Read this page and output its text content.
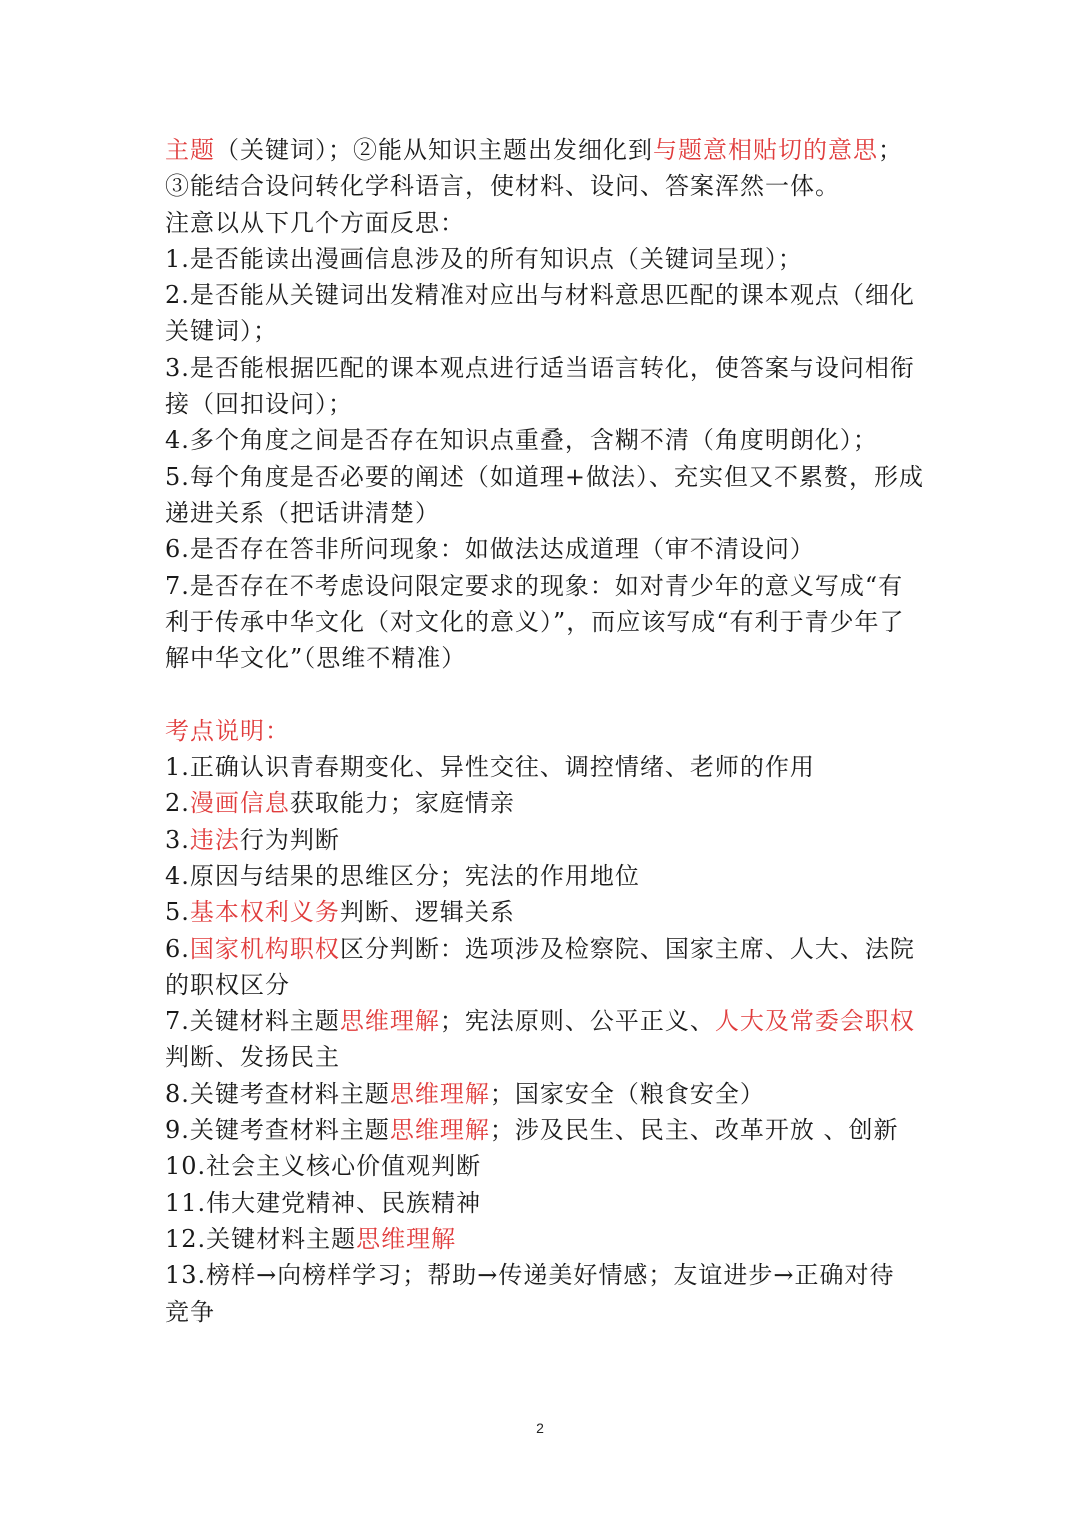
主题（关键词）；②能从知识主题出发细化到与题意相贴切的意思；
③能结合设问转化学科语言，使材料、设问、答案浑然一体。
注意以从下几个方面反思：
1.是否能读出漫画信息涉及的所有知识点（关键词呈现）；
2.是否能从关键词出发精准对应出与材料意思匹配的课本观点（细化
关键词）；
3.是否能根据匹配的课本观点进行适当语言转化，使答案与设问相衔
接（回扣设问）；
4.多个角度之间是否存在知识点重叠，含糊不清（角度明朗化）；
5.每个角度是否必要的阐述（如道理+做法）、充实但又不累赘，形成
递进关系（把话讲清楚）
6.是否存在答非所问现象：如做法达成道理（审不清设问）
7.是否存在不考虑设问限定要求的现象：如对青少年的意义写成“有
利于传承中华文化（对文化的意义）”，而应该写成“有利于青少年了
解中华文化”（思维不精准）
考点说明：
1.正确认识青春期变化、异性交往、调控情绪、老师的作用
2.漫画信息获取能力；家庭情亲
3.违法行为判断
4.原因与结果的思维区分；宪法的作用地位
5.基本权利义务判断、逻辑关系
6.国家机构职权区分判断：选项涉及检察院、国家主席、人大、法院
的职权区分
7.关键材料主题思维理解；宪法原则、公平正义、人大及常委会职权
判断、发扬民主
8.关键考查材料主题思维理解；国家安全（粮食安全）
9.关键考查材料主题思维理解；涉及民生、民主、改革开放 、创新
10.社会主义核心价值观判断
11.伟大建党精神、民族精神
12.关键材料主题思维理解
13.榜样→向榜样学习；帮助→传递美好情感；友谊进步→正确对待
竞争
2
